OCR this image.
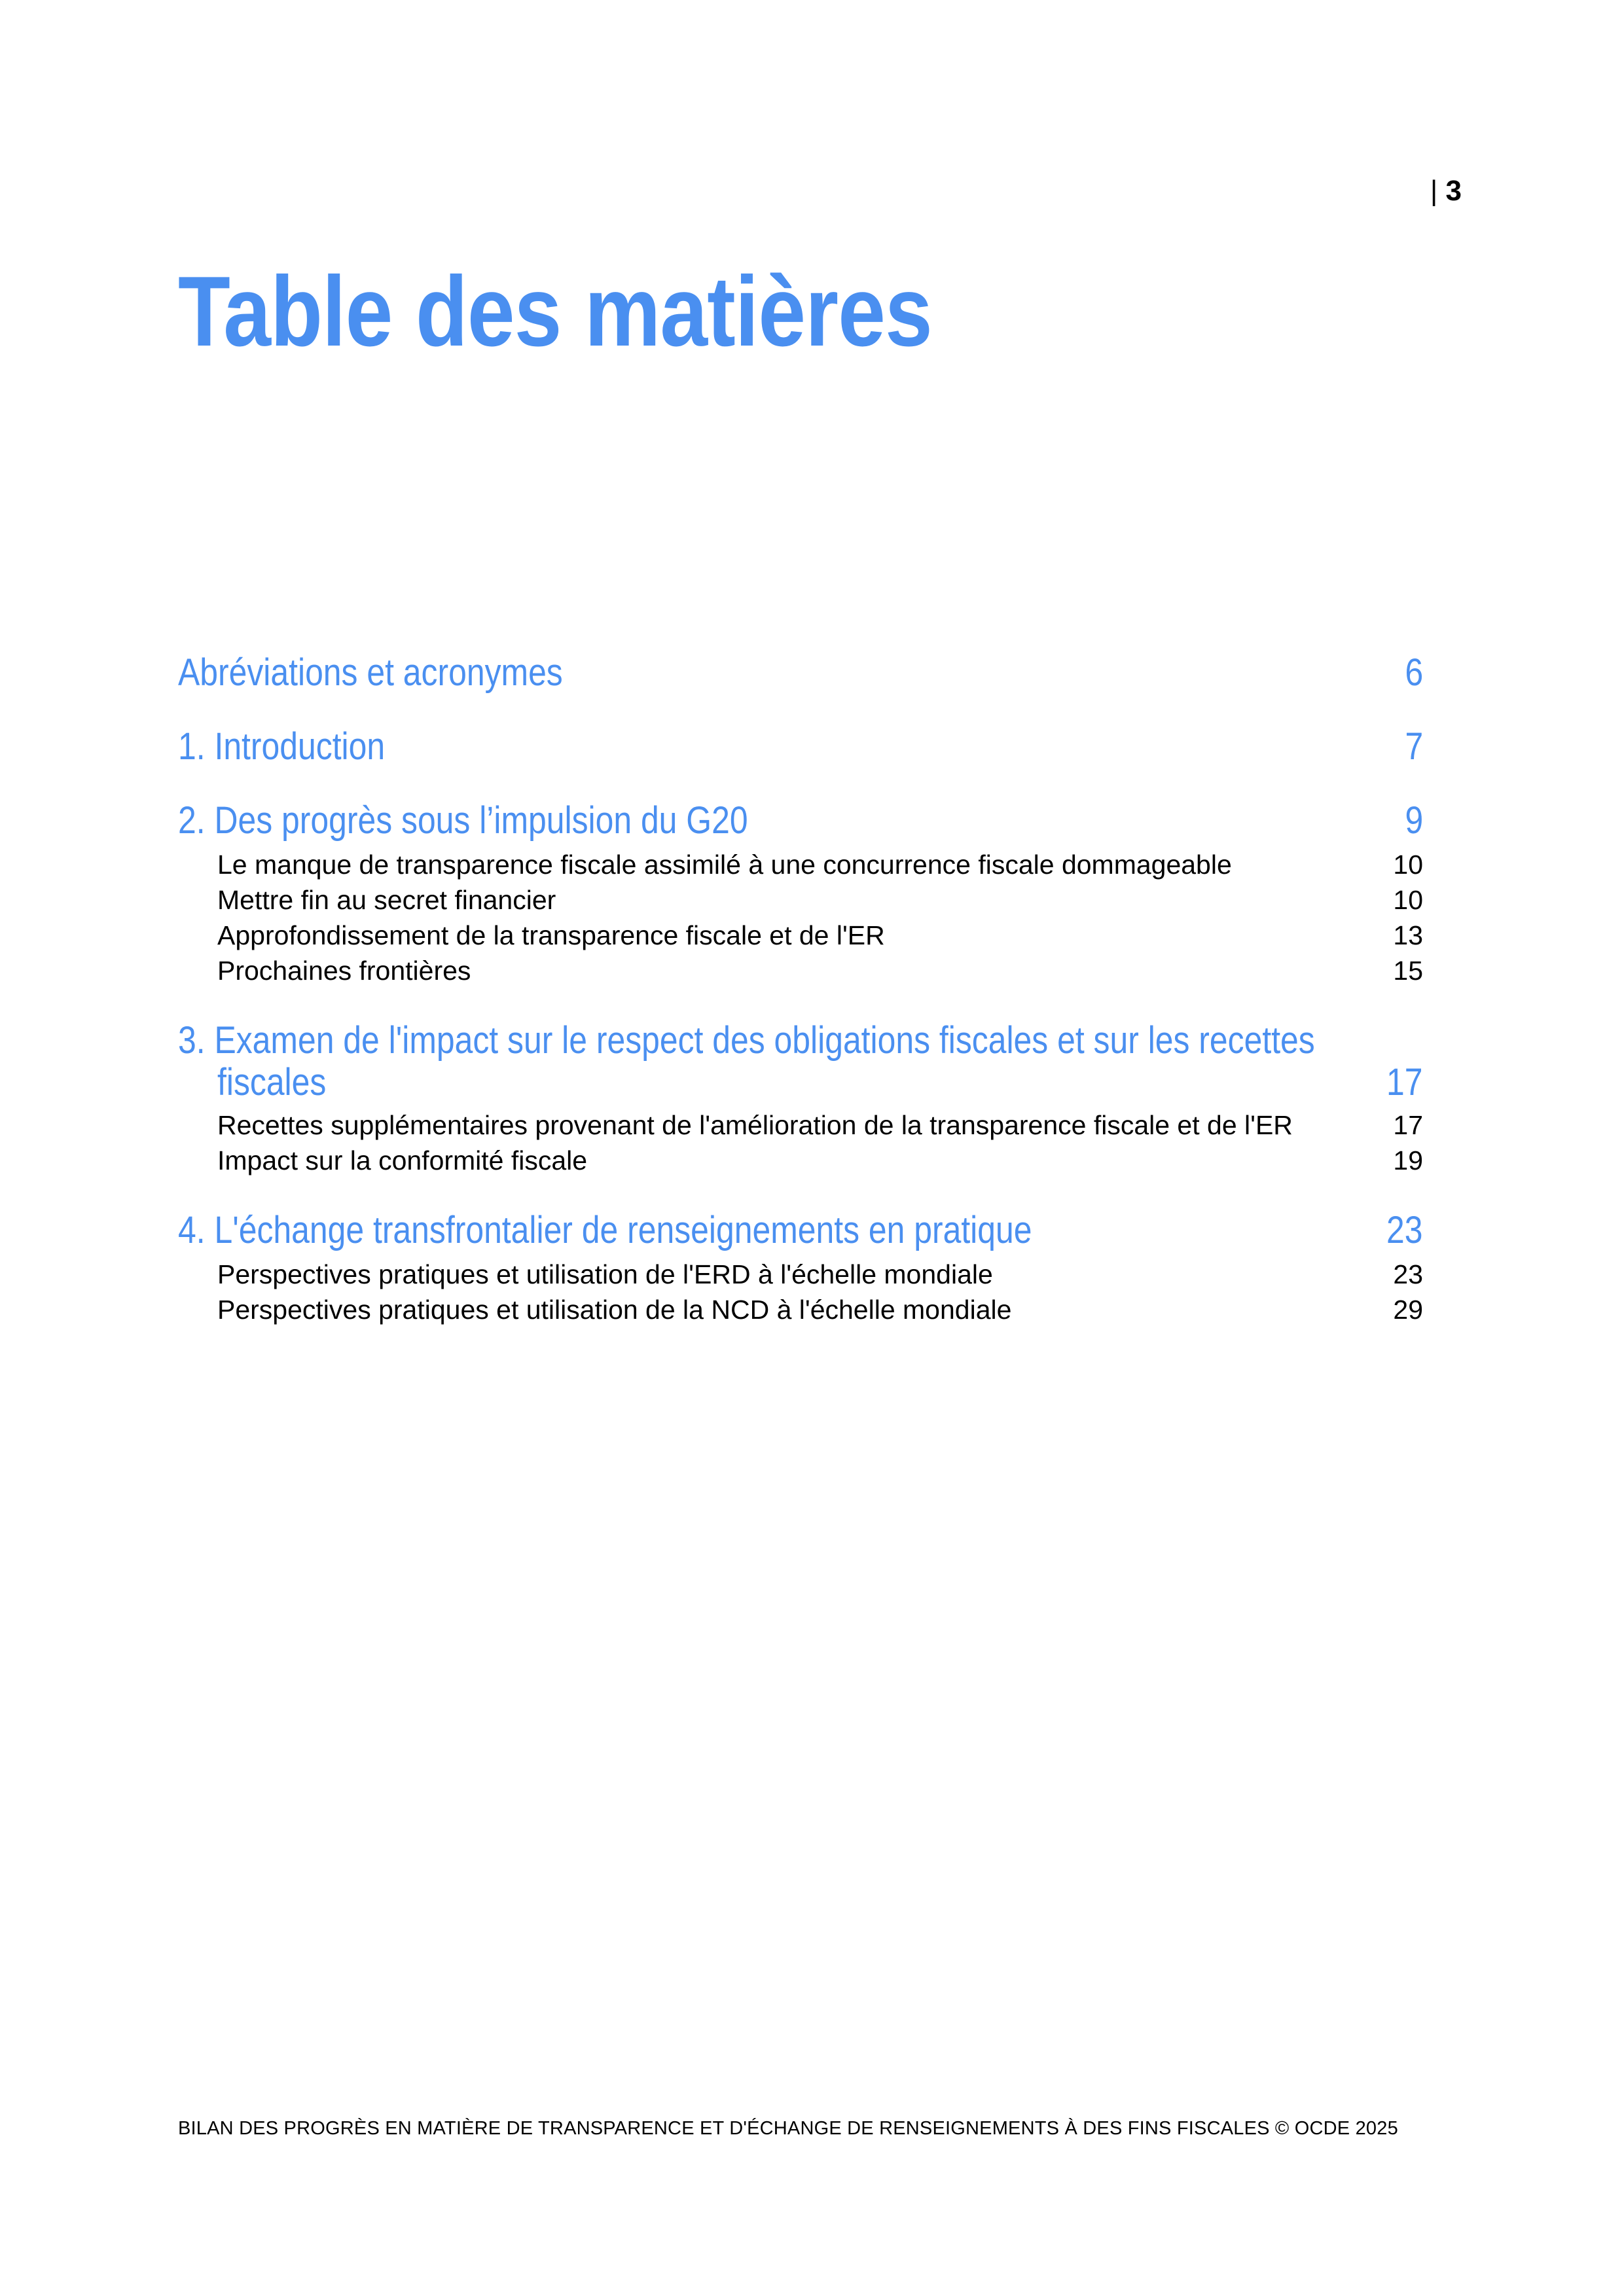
| 3
Table des matières
Abréviations et acronymes	6
1. Introduction	7
2. Des progrès sous l’impulsion du G20	9
Le manque de transparence fiscale assimilé à une concurrence fiscale dommageable	10
Mettre fin au secret financier	10
Approfondissement de la transparence fiscale et de l'ER	13
Prochaines frontières	15
3. Examen de l'impact sur le respect des obligations fiscales et sur les recettes
fiscales	17
Recettes supplémentaires provenant de l'amélioration de la transparence fiscale et de l'ER	17
Impact sur la conformité fiscale	19
4. L'échange transfrontalier de renseignements en pratique	23
Perspectives pratiques et utilisation de l'ERD à l'échelle mondiale	23
Perspectives pratiques et utilisation de la NCD à l'échelle mondiale	29
BILAN DES PROGRÈS EN MATIÈRE DE TRANSPARENCE ET D'ÉCHANGE DE RENSEIGNEMENTS À DES FINS FISCALES © OCDE 2025
